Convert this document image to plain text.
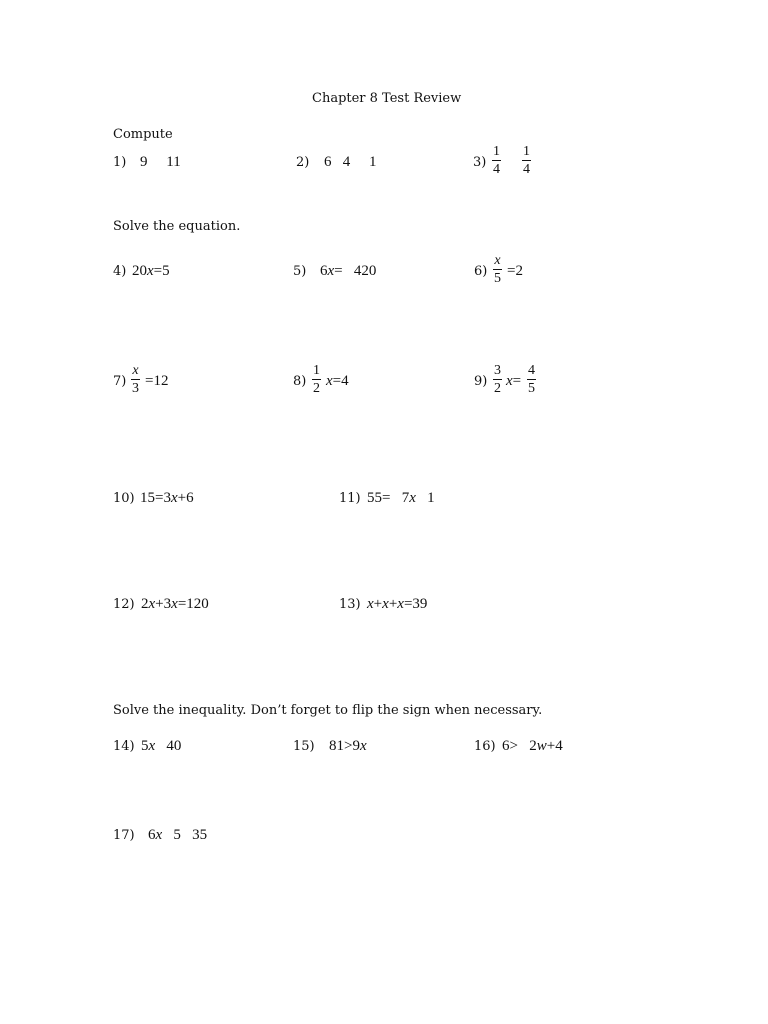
Chapter 8 Test Review
Compute
1) 9     11	2) 6   4     1	3)
1
4
1
4
Solve the equation.
4) 20x=5	5) 6x=   420	6)
x
5 =2
7)
x
3 =12	8)
1
2 x=4	9)
3
2 x=
4
5
10) 15=3x+6	11) 55=   7x   1
12) 2x+3x=120	13) x+x+x=39
Solve the inequality. Don’t forget to flip the sign when necessary.
14) 5x   40	15) 81>9x	16) 6>   2w+4
17) 6x   5   35
